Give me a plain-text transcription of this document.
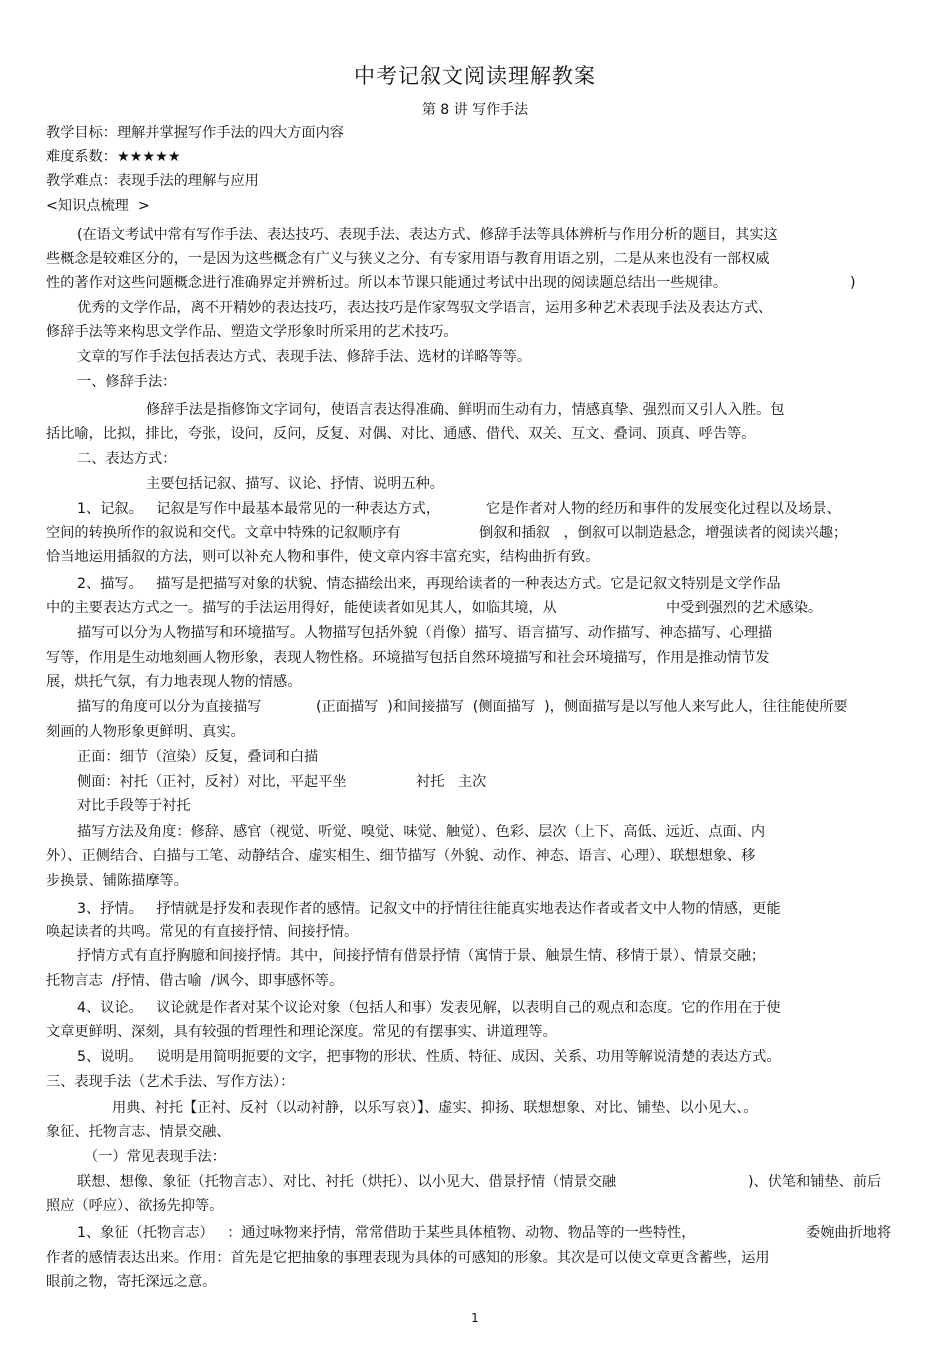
中考记叙文阅读理解教案
第 8 讲 写作手法
教学目标：理解并掌握写作手法的四大方面内容
难度系数：★★★★★
教学难点：表现手法的理解与应用
<知识点梳理  >
(在语文考试中常有写作手法、表达技巧、表现手法、表达方式、修辞手法等具体辨析与作用分析的题目，其实这
些概念是较难区分的，一是因为这些概念有广义与狭义之分、有专家用语与教育用语之别，二是从来也没有一部权威
性的著作对这些问题概念进行准确界定并辨析过。所以本节课只能通过考试中出现的阅读题总结出一些规律。	)
优秀的文学作品，离不开精妙的表达技巧，表达技巧是作家驾驭文学语言，运用多种艺术表现手法及表达方式、
修辞手法等来构思文学作品、塑造文学形象时所采用的艺术技巧。
文章的写作手法包括表达方式、表现手法、修辞手法、选材的详略等等。
一、修辞手法：
修辞手法是指修饰文字词句，使语言表达得准确、鲜明而生动有力，情感真挚、强烈而又引人入胜。包
括比喻，比拟，排比，夸张，设问，反问，反复、对偶、对比、通感、借代、双关、互文、叠词、顶真、呼告等。
二、表达方式：
主要包括记叙、描写、议论、抒情、说明五种。
1、记叙。   记叙是写作中最基本最常见的一种表达方式，	它是作者对人物的经历和事件的发展变化过程以及场景、
空间的转换所作的叙说和交代。文章中特殊的记叙顺序有	倒叙和插叙   ，倒叙可以制造悬念，增强读者的阅读兴趣；
恰当地运用插叙的方法，则可以补充人物和事件，使文章内容丰富充实，结构曲折有致。
2、描写。   描写是把描写对象的状貌、情态描绘出来，再现给读者的一种表达方式。它是记叙文特别是文学作品
中的主要表达方式之一。描写的手法运用得好，能使读者如见其人，如临其境，从	中受到强烈的艺术感染。
描写可以分为人物描写和环境描写。人物描写包括外貌（肖像）描写、语言描写、动作描写、神态描写、心理描
写等，作用是生动地刻画人物形象，表现人物性格。环境描写包括自然环境描写和社会环境描写，作用是推动情节发
展，烘托气氛，有力地表现人物的情感。
描写的角度可以分为直接描写	(正面描写  )和间接描写  (侧面描写  )，侧面描写是以写他人来写此人，往往能使所要
刻画的人物形象更鲜明、真实。
正面：细节（渲染）反复，叠词和白描
侧面：衬托（正衬，反衬）对比，平起平坐	衬托   主次
对比手段等于衬托
描写方法及角度：修辞、感官（视觉、听觉、嗅觉、味觉、触觉）、色彩、层次（上下、高低、远近、点面、内
外）、正侧结合、白描与工笔、动静结合、虚实相生、细节描写（外貌、动作、神态、语言、心理）、联想想象、移
步换景、铺陈描摩等。
3、抒情。   抒情就是抒发和表现作者的感情。记叙文中的抒情往往能真实地表达作者或者文中人物的情感，更能
唤起读者的共鸣。常见的有直接抒情、间接抒情。
抒情方式有直抒胸臆和间接抒情。其中，间接抒情有借景抒情（寓情于景、触景生情、移情于景）、情景交融；
托物言志  /抒情、借古喻  /讽今、即事感怀等。
4、议论。   议论就是作者对某个议论对象（包括人和事）发表见解，以表明自己的观点和态度。它的作用在于使
文章更鲜明、深刻，具有较强的哲理性和理论深度。常见的有摆事实、讲道理等。
5、说明。   说明是用简明扼要的文字，把事物的形状、性质、特征、成因、关系、功用等解说清楚的表达方式。
三、表现手法（艺术手法、写作方法）：
用典、衬托【正衬、反衬（以动衬静，以乐写哀）】、虚实、抑扬、联想想象、对比、铺垫、以小见大、。
象征、托物言志、情景交融、
（一）常见表现手法：
联想、想像、象征（托物言志）、对比、衬托（烘托）、以小见大、借景抒情（情景交融	)、伏笔和铺垫、前后
照应（呼应）、欲扬先抑等。
1、象征（托物言志）   ：通过咏物来抒情，常常借助于某些具体植物、动物、物品等的一些特性，	委婉曲折地将
作者的感情表达出来。作用：首先是它把抽象的事理表现为具体的可感知的形象。其次是可以使文章更含蓄些，运用
眼前之物，寄托深远之意。
1
